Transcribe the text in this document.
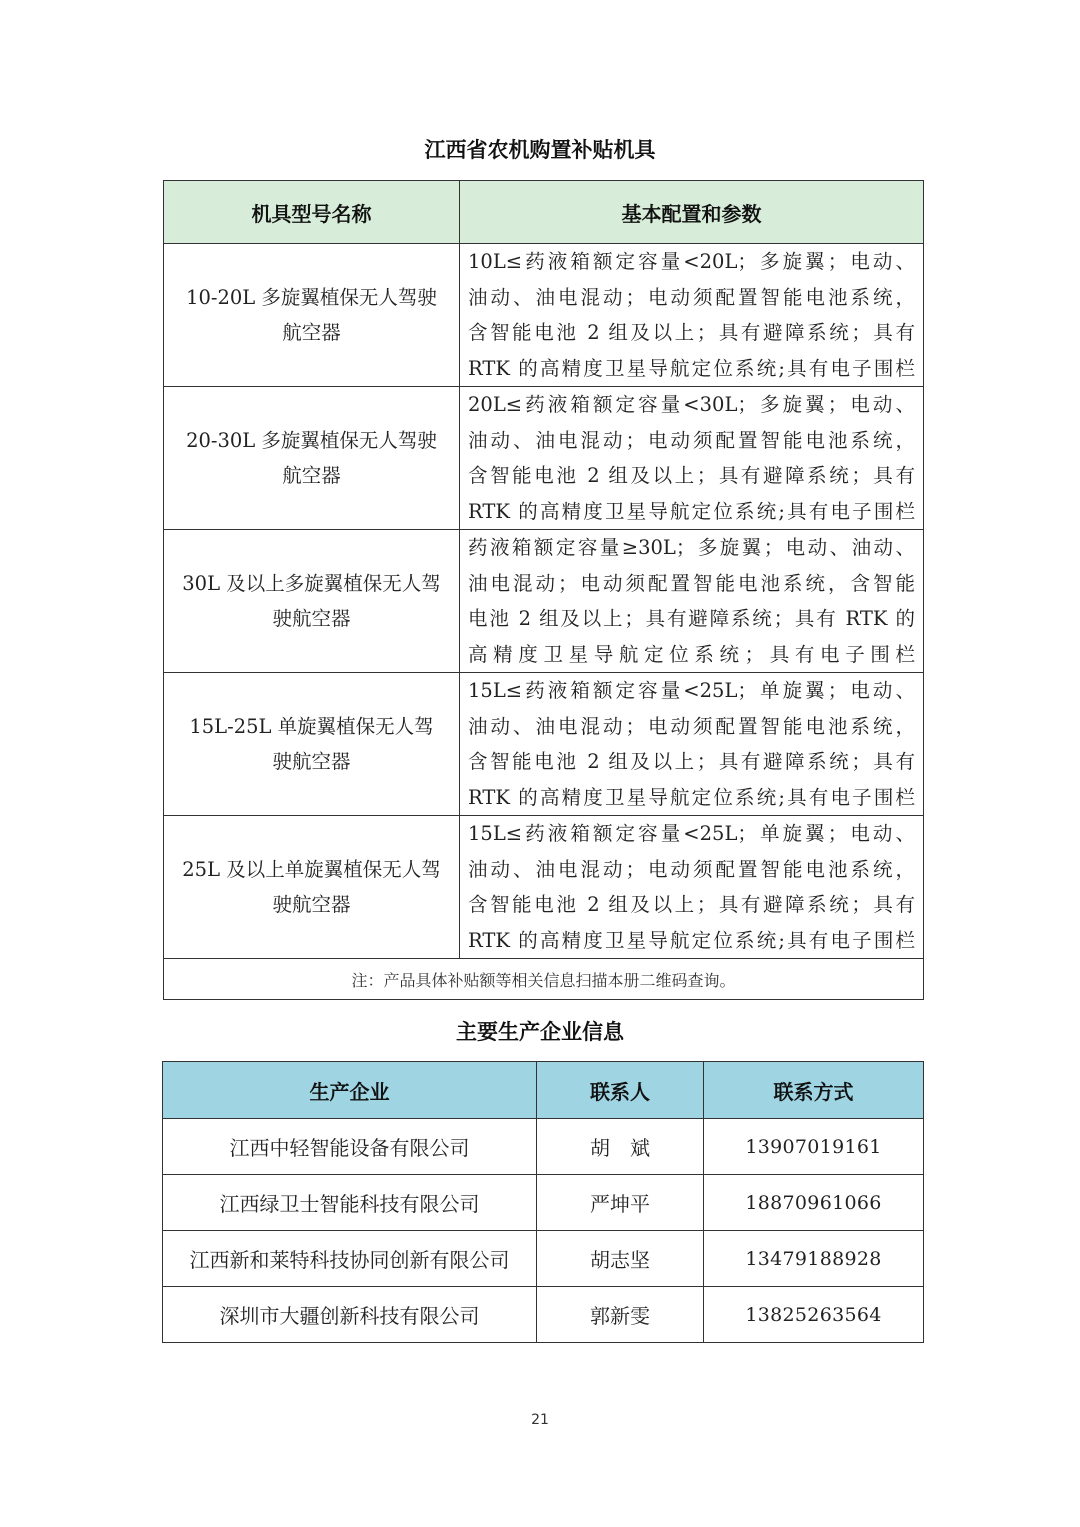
江西省农机购置补贴机具
机具型号名称	基本配置和参数
10-20L 多旋翼植保无人驾驶航空器	10L≤药液箱额定容量<20L；多旋翼；电动、
油动、油电混动；电动须配置智能电池系统，
含智能电池 2 组及以上；具有避障系统；具有
RTK 的高精度卫星导航定位系统;具有电子围栏

20-30L 多旋翼植保无人驾驶航空器	20L≤药液箱额定容量<30L；多旋翼；电动、
油动、油电混动；电动须配置智能电池系统，
含智能电池 2 组及以上；具有避障系统；具有
RTK 的高精度卫星导航定位系统;具有电子围栏

30L 及以上多旋翼植保无人驾驶航空器	药液箱额定容量≥30L；多旋翼；电动、油动、
油电混动；电动须配置智能电池系统，含智能
电池 2 组及以上；具有避障系统；具有 RTK 的
高精度卫星导航定位系统；具有电子围栏

15L-25L 单旋翼植保无人驾驶航空器	15L≤药液箱额定容量<25L；单旋翼；电动、
油动、油电混动；电动须配置智能电池系统，
含智能电池 2 组及以上；具有避障系统；具有
RTK 的高精度卫星导航定位系统;具有电子围栏

25L 及以上单旋翼植保无人驾驶航空器	15L≤药液箱额定容量<25L；单旋翼；电动、
油动、油电混动；电动须配置智能电池系统，
含智能电池 2 组及以上；具有避障系统；具有
RTK 的高精度卫星导航定位系统;具有电子围栏

注：产品具体补贴额等相关信息扫描本册二维码查询。	
主要生产企业信息
生产企业	联系人	联系方式
江西中轻智能设备有限公司	胡　斌	13907019161
江西绿卫士智能科技有限公司	严坤平	18870961066
江西新和莱特科技协同创新有限公司	胡志坚	13479188928
深圳市大疆创新科技有限公司	郭新雯	13825263564
21
